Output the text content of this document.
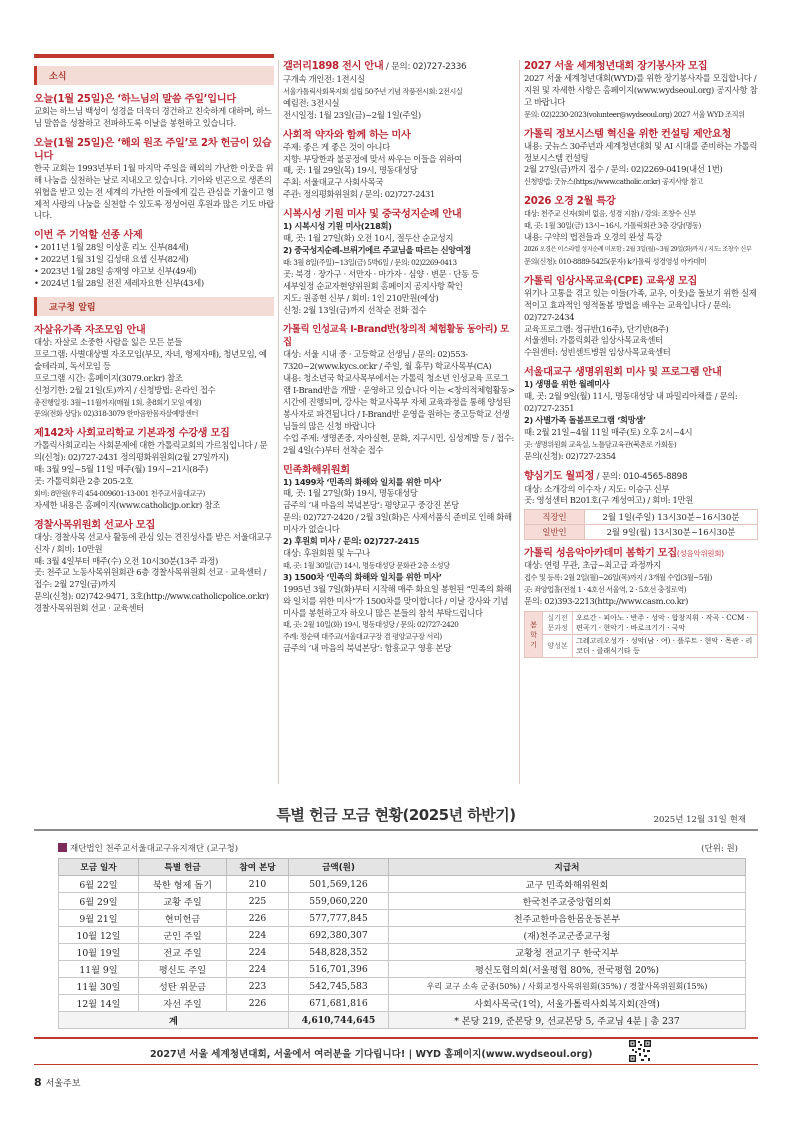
소식
오늘(1월 25일)은 ‘하느님의 말씀 주일’입니다
교회는 하느님 백성이 성경을 더욱더 경건하고 친숙하게 대하며, 하느님 말씀을 성찰하고 전파하도록 이날을 봉헌하고 있습니다.
오늘(1월 25일)은 ‘해외 원조 주일’로 2차 헌금이 있습니다
한국 교회는 1993년부터 1월 마지막 주일을 해외의 가난한 이웃을 위해 나눔을 실천하는 날로 지내오고 있습니다. 기아와 빈곤으로 생존의 위협을 받고 있는 전 세계의 가난한 이들에게 깊은 관심을 기울이고 형제적 사랑의 나눔을 실천할 수 있도록 정성어린 후원과 많은 기도 바랍니다.
이번 주 기억할 선종 사제
• 2011년 1월 28일 이상훈 리노 신부(84세)
• 2022년 1월 31일 김성태 요셉 신부(82세)
• 2023년 1월 28일 송재영 야고보 신부(49세)
• 2024년 1월 28일 전진 세레자요한 신부(43세)
교구청 알림
자살유가족 자조모임 안내
대상: 자살로 소중한 사람을 잃은 모든 분들
프로그램: 사별대상별 자조모임(부모, 자녀, 형제자매), 청년모임, 예술테라피, 독서모임 등
프로그램 시간: 홈페이지(3079.or.kr) 참조
신청기한: 2월 21일(토)까지 / 신청방법: 온라인 접수
총진행일정: 3월~11월까지(매월 1회, 총8회기 모임 예정)
문의(전화 상담): 02)318-3079 한마음한몸자살예방센터
제142차 사회교리학교 기본과정 수강생 모집
가톨릭사회교리는 사회문제에 대한 가톨릭교회의 가르침입니다 / 문의(신청): 02)727-2431 정의평화위원회(2월 27일까지)
때: 3월 9일~5월 11일 매주(월) 19시~21시(8주)
곳: 가톨릭회관 2층 205-2호
회비: 8만원(우리 454-009601-13-001 천주교서울대교구)
자세한 내용은 홈페이지(www.catholicjp.or.kr) 참조
경찰사목위원회 선교사 모집
대상: 경찰사목 선교사 활동에 관심 있는 견진성사를 받은 서울대교구 신자 / 회비: 10만원
때: 3월 4일부터 매주(수) 오전 10시30분(13주 과정)
곳: 천주교 노동사목위원회관 6층 경찰사목위원회 선교 · 교육센터 / 접수: 2월 27일(금)까지
문의(신청): 02)742-9471, 3호(http://www.catholicpolice.or.kr) 경찰사목위원회 선교 · 교육센터
갤러리1898 전시 안내 / 문의: 02)727-2336
구개속 개인전: 1전시실
서울가톨릭사회복지회 설립 50주년 기념 작품전시회: 2전시실
예림전: 3전시실
전시일정: 1월 23일(금)~2월 1일(주일)
사회적 약자와 함께 하는 미사
주제: 좋은 게 좋은 것이 아니다
지향: 부당한과 불공정에 맞서 싸우는 이들을 위하여
때, 곳: 1월 29일(목) 19시, 명동대성당
주최: 서울대교구 사회사목국
주관: 정의평화위원회 / 문의: 02)727-2431
시복시성 기원 미사 및 중국성지순례 안내
1) 시복시성 기원 미사(218회)
때, 곳: 1월 27일(화) 오전 10시, 절두산 순교성지
2) 중국성지순례-브뤼기에르 주교님을 따르는 신앙여정
때: 3월 8일(주일)~13일(금) 5박6일 / 문의: 02)2269-0413
곳: 북경 · 장가구 · 서만자 · 마가자 · 심양 · 변문 · 단동 등
세부일정 순교자현양위원회 홈페이지 공지사항 확인
지도: 원종현 신부 / 회비: 1인 210만원(예상)
신청: 2월 13일(금)까지 선착순 전화 접수
가톨릭 인성교육 I-Brand반(창의적 체험활동 동아리) 모집
대상: 서울 시내 중 · 고등학교 선생님 / 문의: 02)553-7320~2(www.kycs.or.kr / 주일, 월 휴무) 학교사목부(CA)
내용: 청소년국 학교사목부에서는 가톨릭 청소년 인성교육 프로그램 I-Brand반을 개발 · 운영하고 있습니다 이는 <창의적체험활동>시간에 진행되며, 강사는 학교사목부 자체 교육과정을 통해 양성된 봉사자로 파견됩니다 / I-Brand반 운영을 원하는 중고등학교 선생님들의 많은 신청 바랍니다
수업 주제: 생명존중, 자아실현, 문화, 지구시민, 심성계발 등 / 접수: 2월 4일(수)부터 선착순 접수
민족화해위원회
1) 1499차 ‘민족의 화해와 일치를 위한 미사’
때, 곳: 1월 27일(화) 19시, 명동대성당
금주의 ‘내 마음의 북녘본당’: 평양교구 중강진 본당
문의: 02)727-2420 / 2월 3일(화)은 사제서품식 준비로 인해 화해 미사가 없습니다
2) 후원회 미사 / 문의: 02)727-2415
대상: 후원회원 및 누구나
때, 곳: 1월 30일(금) 14시, 명동대성당 문화관 2층 소성당
3) 1500차 ‘민족의 화해와 일치를 위한 미사’
1995년 3월 7일(화)부터 시작해 매주 화요일 봉헌된 “민족의 화해와 일치를 위한 미사”가 1500차를 맞이합니다 / 이날 강사와 기념 미사를 봉헌하고자 하오니 많은 분들의 참석 부탁드립니다
때, 곳: 2월 10일(화) 19시, 명동대성당 / 문의: 02)727-2420
주례: 정순택 대주교(서울대교구장 겸 평양교구장 서리)
금주의 ‘내 마음의 북녘본당’: 함흥교구 영흥 본당
2027 서울 세계청년대회 장기봉사자 모집
2027 서울 세계청년대회(WYD)를 위한 장기봉사자를 모집합니다 / 지원 및 자세한 사항은 홈페이지(www.wydseoul.org) 공지사항 참고 바랍니다
문의: 02)2230-2023(volunteer@wydseoul.org) 2027 서울 WYD 조직위
가톨릭 정보시스템 혁신을 위한 컨설팅 제안요청
내용: 굿뉴스 30주년과 세계청년대회 및 AI 시대를 준비하는 가톨릭 정보시스템 컨설팅
2월 27일(금)까지 접수 / 문의: 02)2269-0419(내선 1번)
신청방법: 굿뉴스(https://www.catholic.or.kr) 공지사항 참고
2026 오경 2월 특강
대상: 천주교 신자(회비 없음, 성경 지참) / 강의: 조창수 신부
때, 곳: 1월 30일(금) 13시~16시, 가톨릭회관 3층 강당(명동)
내용: 구약의 법전들과 오경의 완성 특강
2026 오경은 이스라엘 성지순례 미포함 : 2월 3일(월)~3월 29일(화)까지 / 지도: 조창수 신부
문의(신청): 010-8889-5425(문자) k가톨릭 성경영성 아카데미
가톨릭 임상사목교육(CPE) 교육생 모집
위기나 고통을 겪고 있는 이들(가족, 교우, 이웃)을 돌보기 위한 실제적이고 효과적인 영적돌봄 방법을 배우는 교육입니다 / 문의: 02)727-2434
교육프로그램: 정규반(16주), 단기반(8주)
서울센터: 가톨릭회관 임상사목교육센터
수원센터: 성빈센트병원 임상사목교육센터
서울대교구 생명위원회 미사 및 프로그램 안내
1) 생명을 위한 월례미사
때, 곳: 2월 9일(월) 11시, 명동대성당 내 파밀리아채플 / 문의: 02)727-2351
2) 사별가족 돌봄프로그램 ‘희망샘’
때: 2월 21일~4월 11일 매주(토) 오후 2시~4시
곳: 생명위원회 교육실, 노틀담교육관(북촌로 가회동)
문의(신청): 02)727-2354
향심기도 월피정 / 문의: 010-4565-8898
대상: 소개강의 이수자 / 지도: 이승구 신부
곳: 영성센터 B201호(구 계성여고) / 회비: 1만원
직장인	2월 1일(주일) 13시30분~16시30분
일반인	2월 9일(월) 13시30분~16시30분
가톨릭 성음악아카데미 봄학기 모집(성음악위원회)
대상: 연령 무관, 초급~최고급 과정까지
접수 및 등록: 2월 2일(월)~26일(목)까지 / 3개월 수업(3월~5월)
곳: 좌양업홀(전철 1 · 4호선 서울역, 2 · 5호선 충정로역)
문의: 02)393-2213(http://www.casm.co.kr)
봄학기	실기전문과정	오르간 · 피아노 · 반주 · 성악 · 합창지휘 · 작곡 · CCM · 편곡기 · 현악기 · 바로크기기 · 국악
	양성본	그레고리오성가 · 성악(남 · 여) · 플루트 · 현악 · 목관 · 리코더 · 클래식기타 등
특별 헌금 모금 현황(2025년 하반기)	2025년 12월 31일 현재
재단법인 천주교서울대교구유지재단 (교구청)	(단위: 원)
모금 일자	특별 헌금	참여 본당	금액(원)	지급처
6월 22일	북한 형제 돕기	210	501,569,126	교구 민족화해위원회
6월 29일	교황 주일	225	559,060,220	한국천주교중앙협의회
9월 21일	현미헌금	226	577,777,845	천주교한마음한몸운동본부
10월 12일	군인 주일	224	692,380,307	(재)천주교군종교구청
10월 19일	전교 주일	224	548,828,352	교황청 전교기구 한국지부
11월 9일	평신도 주일	224	516,701,396	평신도협의회(서울평협 80%, 전국평협 20%)
11월 30일	성탄 위문금	223	542,745,583	우리 교구 소속 군종(50%) / 사회교정사목위원회(35%) / 경찰사목위원회(15%)
12월 14일	자선 주일	226	671,681,816	사회사목국(1억), 서울가톨릭사회복지회(잔액)
계			4,610,744,645	* 본당 219, 준본당 9, 선교본당 5, 주교님 4분 | 총 237
2027년 서울 세계청년대회, 서울에서 여러분을 기다립니다! | WYD 홈페이지(www.wydseoul.org)
8 서울주보
